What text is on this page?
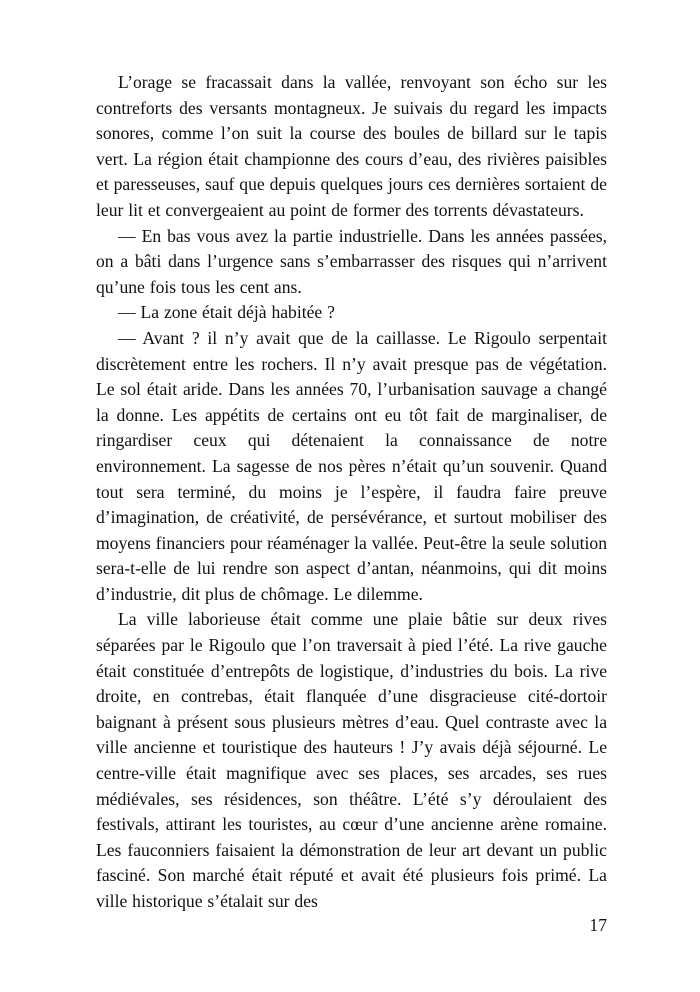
L’orage se fracassait dans la vallée, renvoyant son écho sur les contreforts des versants montagneux. Je suivais du regard les impacts sonores, comme l’on suit la course des boules de billard sur le tapis vert. La région était championne des cours d’eau, des rivières paisibles et paresseuses, sauf que depuis quelques jours ces dernières sortaient de leur lit et convergeaient au point de former des torrents dévastateurs.

— En bas vous avez la partie industrielle. Dans les années passées, on a bâti dans l’urgence sans s’embarrasser des risques qui n’arrivent qu’une fois tous les cent ans.

— La zone était déjà habitée ?

— Avant ? il n’y avait que de la caillasse. Le Rigoulo serpentait discrètement entre les rochers. Il n’y avait presque pas de végétation. Le sol était aride. Dans les années 70, l’urbanisation sauvage a changé la donne. Les appétits de certains ont eu tôt fait de marginaliser, de ringardiser ceux qui détenaient la connaissance de notre environnement. La sagesse de nos pères n’était qu’un souvenir. Quand tout sera terminé, du moins je l’espère, il faudra faire preuve d’imagination, de créativité, de persévérance, et surtout mobiliser des moyens financiers pour réaménager la vallée. Peut-être la seule solution sera-t-elle de lui rendre son aspect d’antan, néanmoins, qui dit moins d’industrie, dit plus de chômage. Le dilemme.

La ville laborieuse était comme une plaie bâtie sur deux rives séparées par le Rigoulo que l’on traversait à pied l’été. La rive gauche était constituée d’entrepôts de logistique, d’industries du bois. La rive droite, en contrebas, était flanquée d’une disgracieuse cité-dortoir baignant à présent sous plusieurs mètres d’eau. Quel contraste avec la ville ancienne et touristique des hauteurs ! J’y avais déjà séjourné. Le centre-ville était magnifique avec ses places, ses arcades, ses rues médiévales, ses résidences, son théâtre. L’été s’y déroulaient des festivals, attirant les touristes, au cœur d’une ancienne arène romaine. Les fauconniers faisaient la démonstration de leur art devant un public fasciné. Son marché était réputé et avait été plusieurs fois primé. La ville historique s’étalait sur des

17
